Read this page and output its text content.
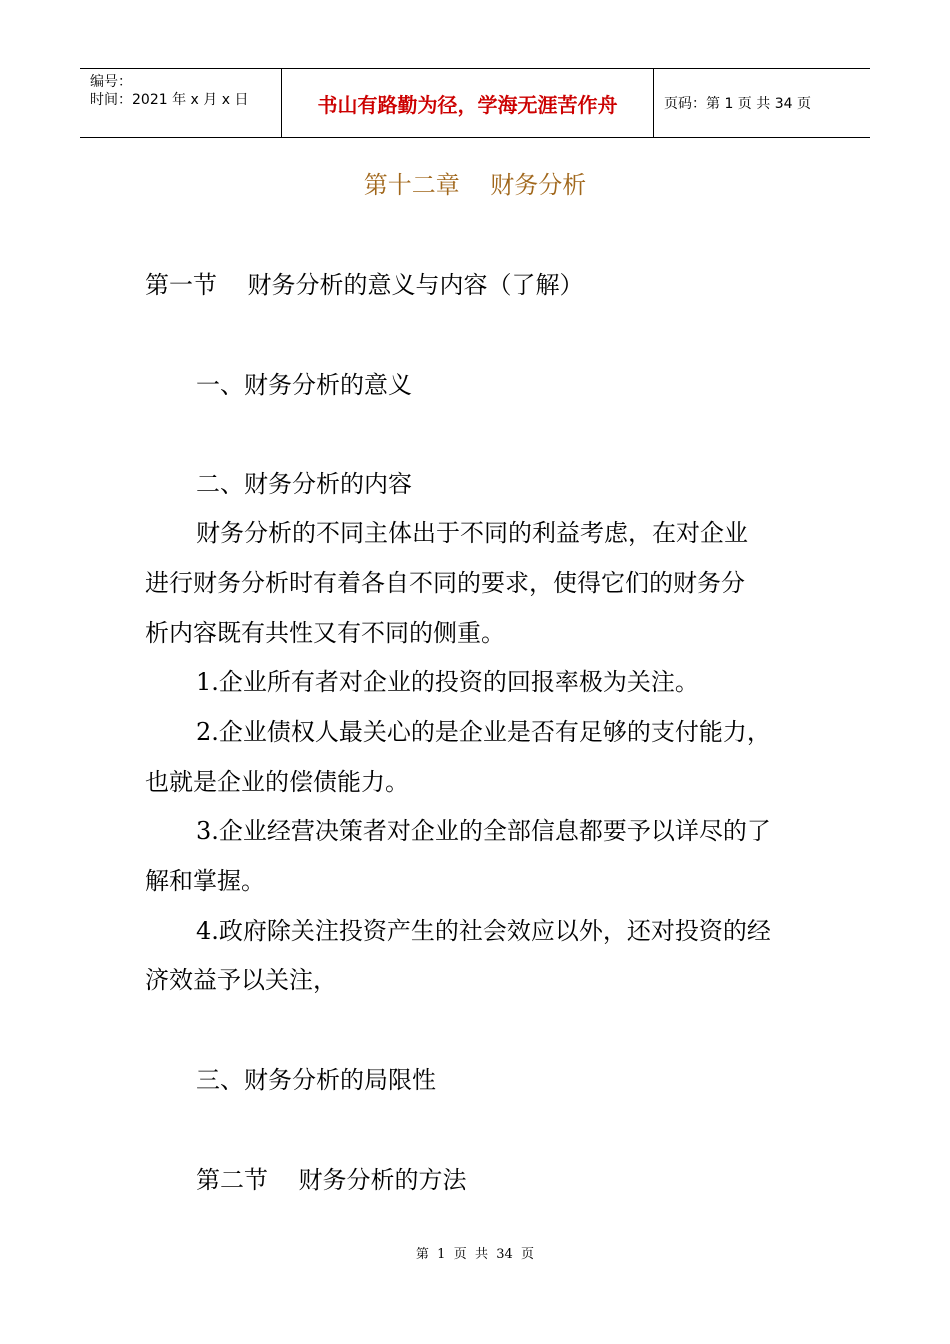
编号：
时间：2021 年 x 月 x 日	书山有路勤为径，学海无涯苦作舟	页码：第 1 页 共 34 页
第十二章    财务分析
第一节    财务分析的意义与内容（了解）
一、财务分析的意义
二、财务分析的内容
财务分析的不同主体出于不同的利益考虑，在对企业
进行财务分析时有着各自不同的要求，使得它们的财务分
析内容既有共性又有不同的侧重。
1.企业所有者对企业的投资的回报率极为关注。
2.企业债权人最关心的是企业是否有足够的支付能力，
也就是企业的偿债能力。
3.企业经营决策者对企业的全部信息都要予以详尽的了
解和掌握。
4.政府除关注投资产生的社会效应以外，还对投资的经
济效益予以关注，
三、财务分析的局限性
第二节    财务分析的方法
第  1  页  共  34  页
